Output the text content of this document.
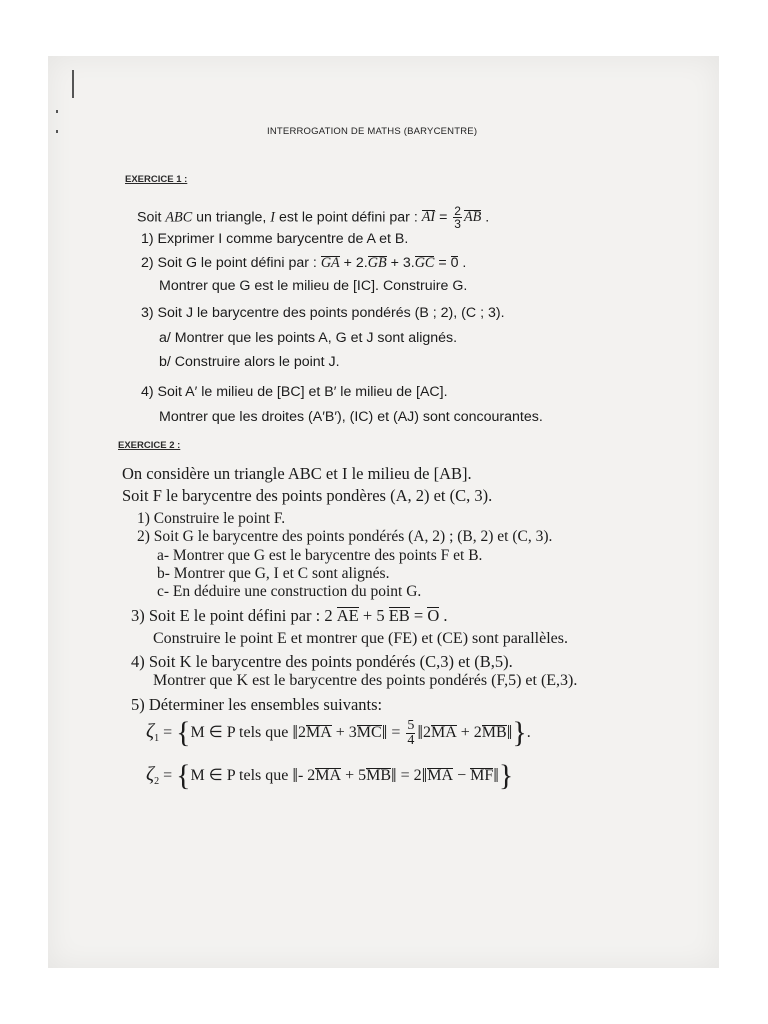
INTERROGATION DE MATHS (BARYCENTRE)
EXERCICE 1 :
Soit ABC un triangle, I est le point défini par : AI = $\frac{2}{3}$ AB .
1) Exprimer I comme barycentre de A et B.
2) Soit G le point défini par : GA + 2.GB + 3.GC = 0 .
Montrer que G est le milieu de [IC]. Construire G.
3) Soit J le barycentre des points pondérés (B ; 2), (C ; 3).
a/ Montrer que les points A, G et J sont alignés.
b/ Construire alors le point J.
4) Soit A′ le milieu de [BC] et B′ le milieu de [AC].
Montrer que les droites (A′B′), (IC) et (AJ) sont concourantes.
EXERCICE 2 :
On considère un triangle ABC et I le milieu de [AB].
Soit F le barycentre des points pondères (A, 2) et (C, 3).
1) Construire le point F.
2) Soit G le barycentre des points pondérés (A, 2) ; (B, 2) et (C, 3).
a- Montrer que G est le barycentre des points F et B.
b- Montrer que G, I et C sont alignés.
c- En déduire une construction du point G.
3) Soit E le point défini par : 2 AE + 5 EB = O .
Construire le point E et montrer que (FE) et (CE) sont parallèles.
4) Soit K le barycentre des points pondérés (C,3) et (B,5).
Montrer que K est le barycentre des points pondérés (F,5) et (E,3).
5) Déterminer les ensembles suivants:
$\zeta_1 = \{M$ ∈ P tels que ‖2MA + 3MC‖ = $\frac{5}{4}$ ‖2MA + 2MB‖}.
$\zeta_2 = \{M$ ∈ P tels que ‖- 2MA + 5MB‖ = 2‖MA − MF‖}
